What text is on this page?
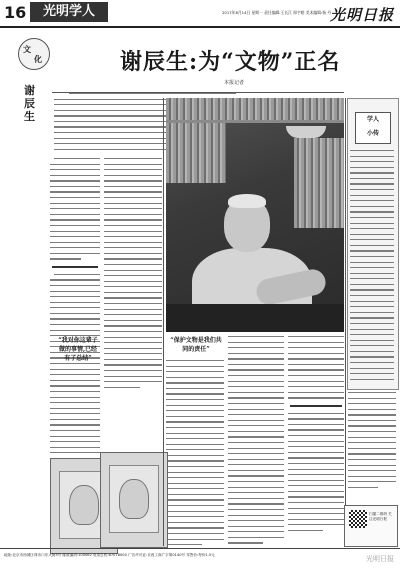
16	光明学人	2017年8月14日 星期一 责任编辑:王长江 邢宇皓 美术编辑:杨 丹
光明日报
文
化
谢辰生
谢辰生:为“文物”正名
本报记者
学人
小传
“我对你这辈子做的事情,已经有了总结”
“保护文物是我们共同的责任”
扫描二维码 关注光明日报
地址:北京市西城区珠市口东大街5号 邮政编码:100062 电话总机:67078000 广告许可证:京西工商广字第0140号 零售价:每份1.5元	光明日报
